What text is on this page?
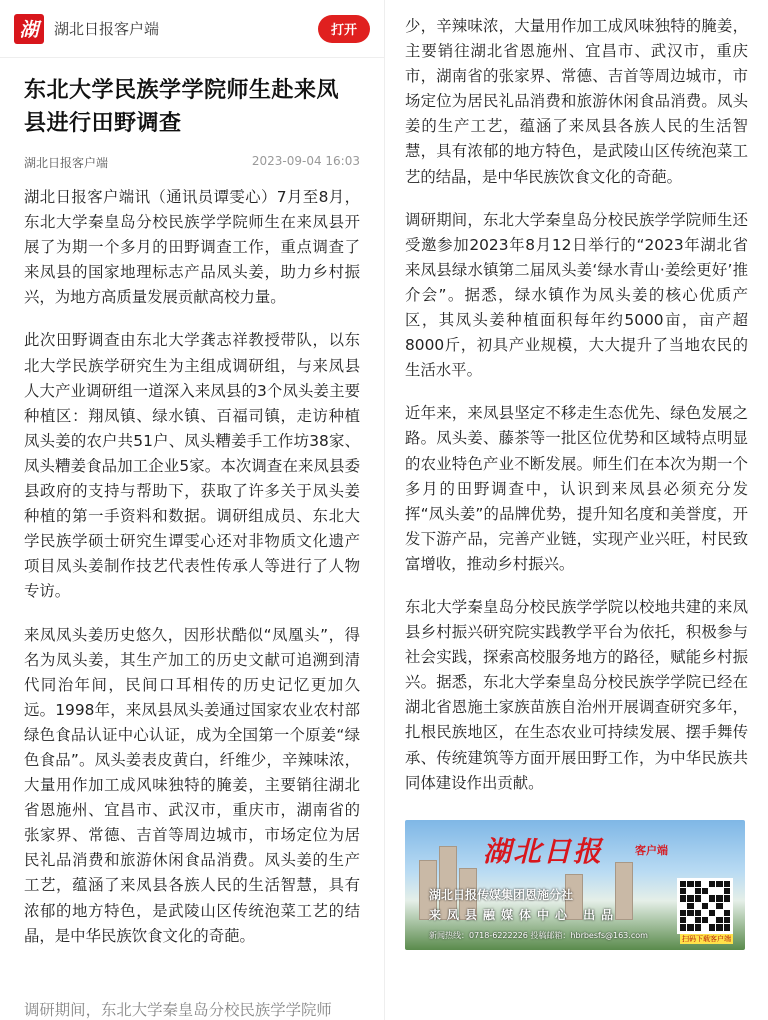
湖	湖北日报客户端	打开
东北大学民族学学院师生赴来凤县进行田野调查
湖北日报客户端	2023-09-04 16:03

湖北日报客户端讯（通讯员谭雯心）7月至8月，东北大学秦皇岛分校民族学学院师生在来凤县开展了为期一个多月的田野调查工作，重点调查了来凤县的国家地理标志产品凤头姜，助力乡村振兴，为地方高质量发展贡献高校力量。

此次田野调查由东北大学龚志祥教授带队，以东北大学民族学研究生为主组成调研组，与来凤县人大产业调研组一道深入来凤县的3个凤头姜主要种植区：翔凤镇、绿水镇、百福司镇，走访种植凤头姜的农户共51户、凤头糟姜手工作坊38家、凤头糟姜食品加工企业5家。本次调查在来凤县委县政府的支持与帮助下，获取了许多关于凤头姜种植的第一手资料和数据。调研组成员、东北大学民族学硕士研究生谭雯心还对非物质文化遗产项目凤头姜制作技艺代表性传承人等进行了人物专访。

来凤凤头姜历史悠久，因形状酷似“凤凰头”，得名为凤头姜，其生产加工的历史文献可追溯到清代同治年间，民间口耳相传的历史记忆更加久远。1998年，来凤县凤头姜通过国家农业农村部绿色食品认证中心认证，成为全国第一个原姜“绿色食品”。凤头姜表皮黄白，纤维少，辛辣味浓，大量用作加工成风味独特的腌姜，主要销往湖北省恩施州、宜昌市、武汉市，重庆市，湖南省的张家界、常德、吉首等周边城市，市场定位为居民礼品消费和旅游休闲食品消费。凤头姜的生产工艺，蕴涵了来凤县各族人民的生活智慧，具有浓郁的地方特色，是武陵山区传统泡菜工艺的结晶，是中华民族饮食文化的奇葩。

调研期间，东北大学秦皇岛分校民族学学院师

少，辛辣味浓，大量用作加工成风味独特的腌姜，主要销往湖北省恩施州、宜昌市、武汉市，重庆市，湖南省的张家界、常德、吉首等周边城市，市场定位为居民礼品消费和旅游休闲食品消费。凤头姜的生产工艺，蕴涵了来凤县各族人民的生活智慧，具有浓郁的地方特色，是武陵山区传统泡菜工艺的结晶，是中华民族饮食文化的奇葩。

调研期间，东北大学秦皇岛分校民族学学院师生还受邀参加2023年8月12日举行的“2023年湖北省来凤县绿水镇第二届凤头姜‘绿水青山·姜绘更好’推介会”。据悉，绿水镇作为凤头姜的核心优质产区，其凤头姜种植面积每年约5000亩，亩产超8000斤，初具产业规模，大大提升了当地农民的生活水平。

近年来，来凤县坚定不移走生态优先、绿色发展之路。凤头姜、藤茶等一批区位优势和区域特点明显的农业特色产业不断发展。师生们在本次为期一个多月的田野调查中，认识到来凤县必须充分发挥“凤头姜”的品牌优势，提升知名度和美誉度，开发下游产品，完善产业链，实现产业兴旺，村民致富增收，推动乡村振兴。

东北大学秦皇岛分校民族学学院以校地共建的来凤县乡村振兴研究院实践教学平台为依托，积极参与社会实践，探索高校服务地方的路径，赋能乡村振兴。据悉，东北大学秦皇岛分校民族学学院已经在湖北省恩施土家族苗族自治州开展调查研究多年，扎根民族地区，在生态农业可持续发展、摆手舞传承、传统建筑等方面开展田野工作，为中华民族共同体建设作出贡献。

湖北日报	客户端
湖北日报传媒集团恩施分社
来凤县融媒体中心 出品
新闻热线：0718-6222226 投稿邮箱：hbrbesfs@163.com	扫码下载客户端
